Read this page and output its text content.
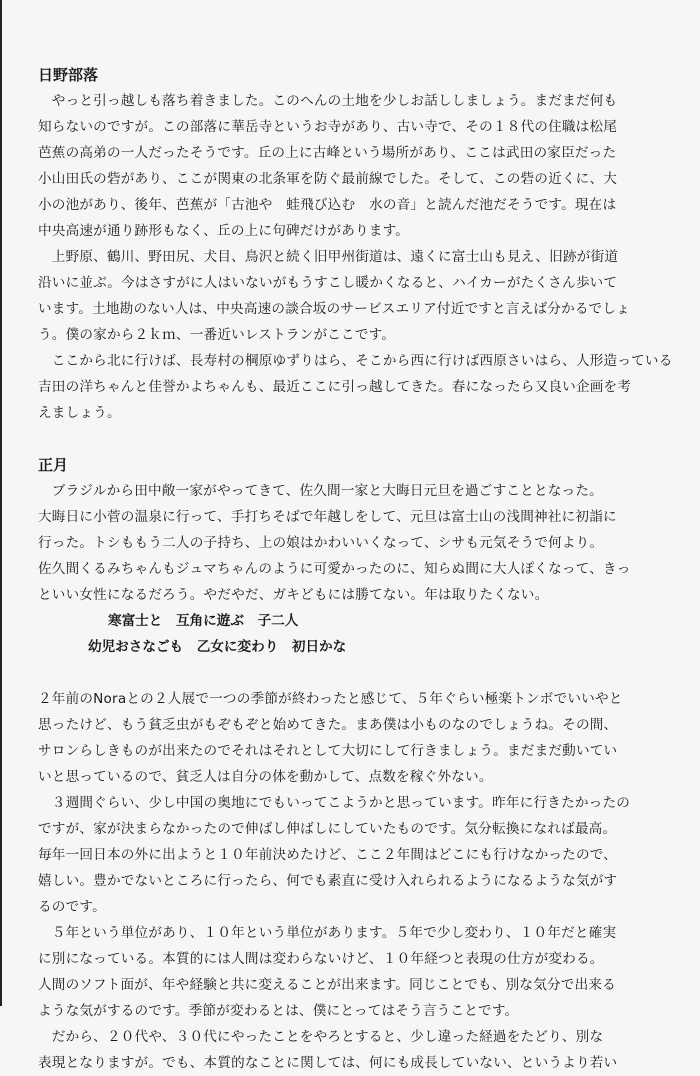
日野部落

　やっと引っ越しも落ち着きました。このへんの土地を少しお話ししましょう。まだまだ何も

知らないのですが。この部落に華岳寺というお寺があり、古い寺で、その１８代の住職は松尾

芭蕉の高弟の一人だったそうです。丘の上に古峰という場所があり、ここは武田の家臣だった

小山田氏の砦があり、ここが関東の北条軍を防ぐ最前線でした。そして、この砦の近くに、大

小の池があり、後年、芭蕉が「古池や　蛙飛び込む　水の音」と読んだ池だそうです。現在は

中央高速が通り跡形もなく、丘の上に句碑だけがあります。

　上野原、鶴川、野田尻、犬目、鳥沢と続く旧甲州街道は、遠くに富士山も見え、旧跡が街道

沿いに並ぶ。今はさすがに人はいないがもうすこし暖かくなると、ハイカーがたくさん歩いて

います。土地勘のない人は、中央高速の談合坂のサービスエリア付近ですと言えば分かるでしょ

う。僕の家から２ｋｍ、一番近いレストランがここです。

　ここから北に行けば、長寿村の棡原ゆずりはら、そこから西に行けば西原さいはら、人形造っている

吉田の洋ちゃんと佳誉かよちゃんも、最近ここに引っ越してきた。春になったら又良い企画を考

えましょう。

正月

　ブラジルから田中敞一家がやってきて、佐久間一家と大晦日元旦を過ごすこととなった。

大晦日に小菅の温泉に行って、手打ちそばで年越しをして、元旦は富士山の浅間神社に初詣に

行った。トシももう二人の子持ち、上の娘はかわいいくなって、シサも元気そうで何より。

佐久間くるみちゃんもジュマちゃんのように可愛かったのに、知らぬ間に大人ぽくなって、きっ

といい女性になるだろう。やだやだ、ガキどもには勝てない。年は取りたくない。

寒富士と　互角に遊ぶ　子二人

幼児おさなごも　乙女に変わり　初日かな

２年前のNoraとの２人展で一つの季節が終わったと感じて、５年ぐらい極楽トンボでいいやと

思ったけど、もう貧乏虫がもぞもぞと始めてきた。まあ僕は小ものなのでしょうね。その間、

サロンらしきものが出来たのでそれはそれとして大切にして行きましょう。まだまだ動いてい

いと思っているので、貧乏人は自分の体を動かして、点数を稼ぐ外ない。

　３週間ぐらい、少し中国の奥地にでもいってこようかと思っています。昨年に行きたかったの

ですが、家が決まらなかったので伸ばし伸ばしにしていたものです。気分転換になれば最高。

毎年一回日本の外に出ようと１０年前決めたけど、ここ２年間はどこにも行けなかったので、

嬉しい。豊かでないところに行ったら、何でも素直に受け入れられるようになるような気がす

るのです。

　５年という単位があり、１０年という単位があります。５年で少し変わり、１０年だと確実

に別になっている。本質的には人間は変わらないけど、１０年経つと表現の仕方が変わる。

人間のソフト面が、年や経験と共に変えることが出来ます。同じことでも、別な気分で出来る

ような気がするのです。季節が変わるとは、僕にとってはそう言うことです。

　だから、２０代や、３０代にやったことをやろとすると、少し違った経過をたどり、別な

表現となりますが。でも、本質的なことに関しては、何にも成長していない、というより若い
